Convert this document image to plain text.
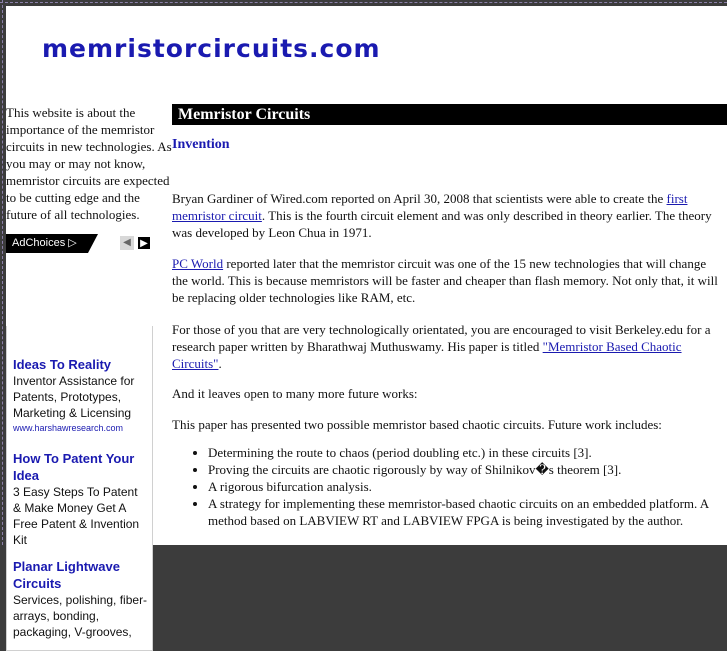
memristorcircuits.com
This website is about the importance of the memristor circuits in new technologies. As you may or may not know, memristor circuits are expected to be cutting edge and the future of all technologies.
Ideas To Reality
Inventor Assistance for Patents, Prototypes, Marketing & Licensing
www.harshawresearch.com
How To Patent Your Idea
3 Easy Steps To Patent & Make Money Get A Free Patent & Invention Kit
Planar Lightwave Circuits
Services, polishing, fiber-arrays, bonding, packaging, V-grooves,
AdChoices ▷	◀ ▶
Memristor Circuits
Invention

Bryan Gardiner of Wired.com reported on April 30, 2008 that scientists were able to create the first memristor circuit. This is the fourth circuit element and was only described in theory earlier. The theory was developed by Leon Chua in 1971.

PC World reported later that the memristor circuit was one of the 15 new technologies that will change the world. This is because memristors will be faster and cheaper than flash memory. Not only that, it will be replacing older technologies like RAM, etc.

For those of you that are very technologically orientated, you are encouraged to visit Berkeley.edu for a research paper written by Bharathwaj Muthuswamy. His paper is titled "Memristor Based Chaotic Circuits".

And it leaves open to many more future works:

This paper has presented two possible memristor based chaotic circuits. Future work includes:

• Determining the route to chaos (period doubling etc.) in these circuits [3].
• Proving the circuits are chaotic rigorously by way of Shilnikov�s theorem [3].
• A rigorous bifurcation analysis.
• A strategy for implementing these memristor-based chaotic circuits on an embedded platform. A method based on LABVIEW RT and LABVIEW FPGA is being investigated by the author.
